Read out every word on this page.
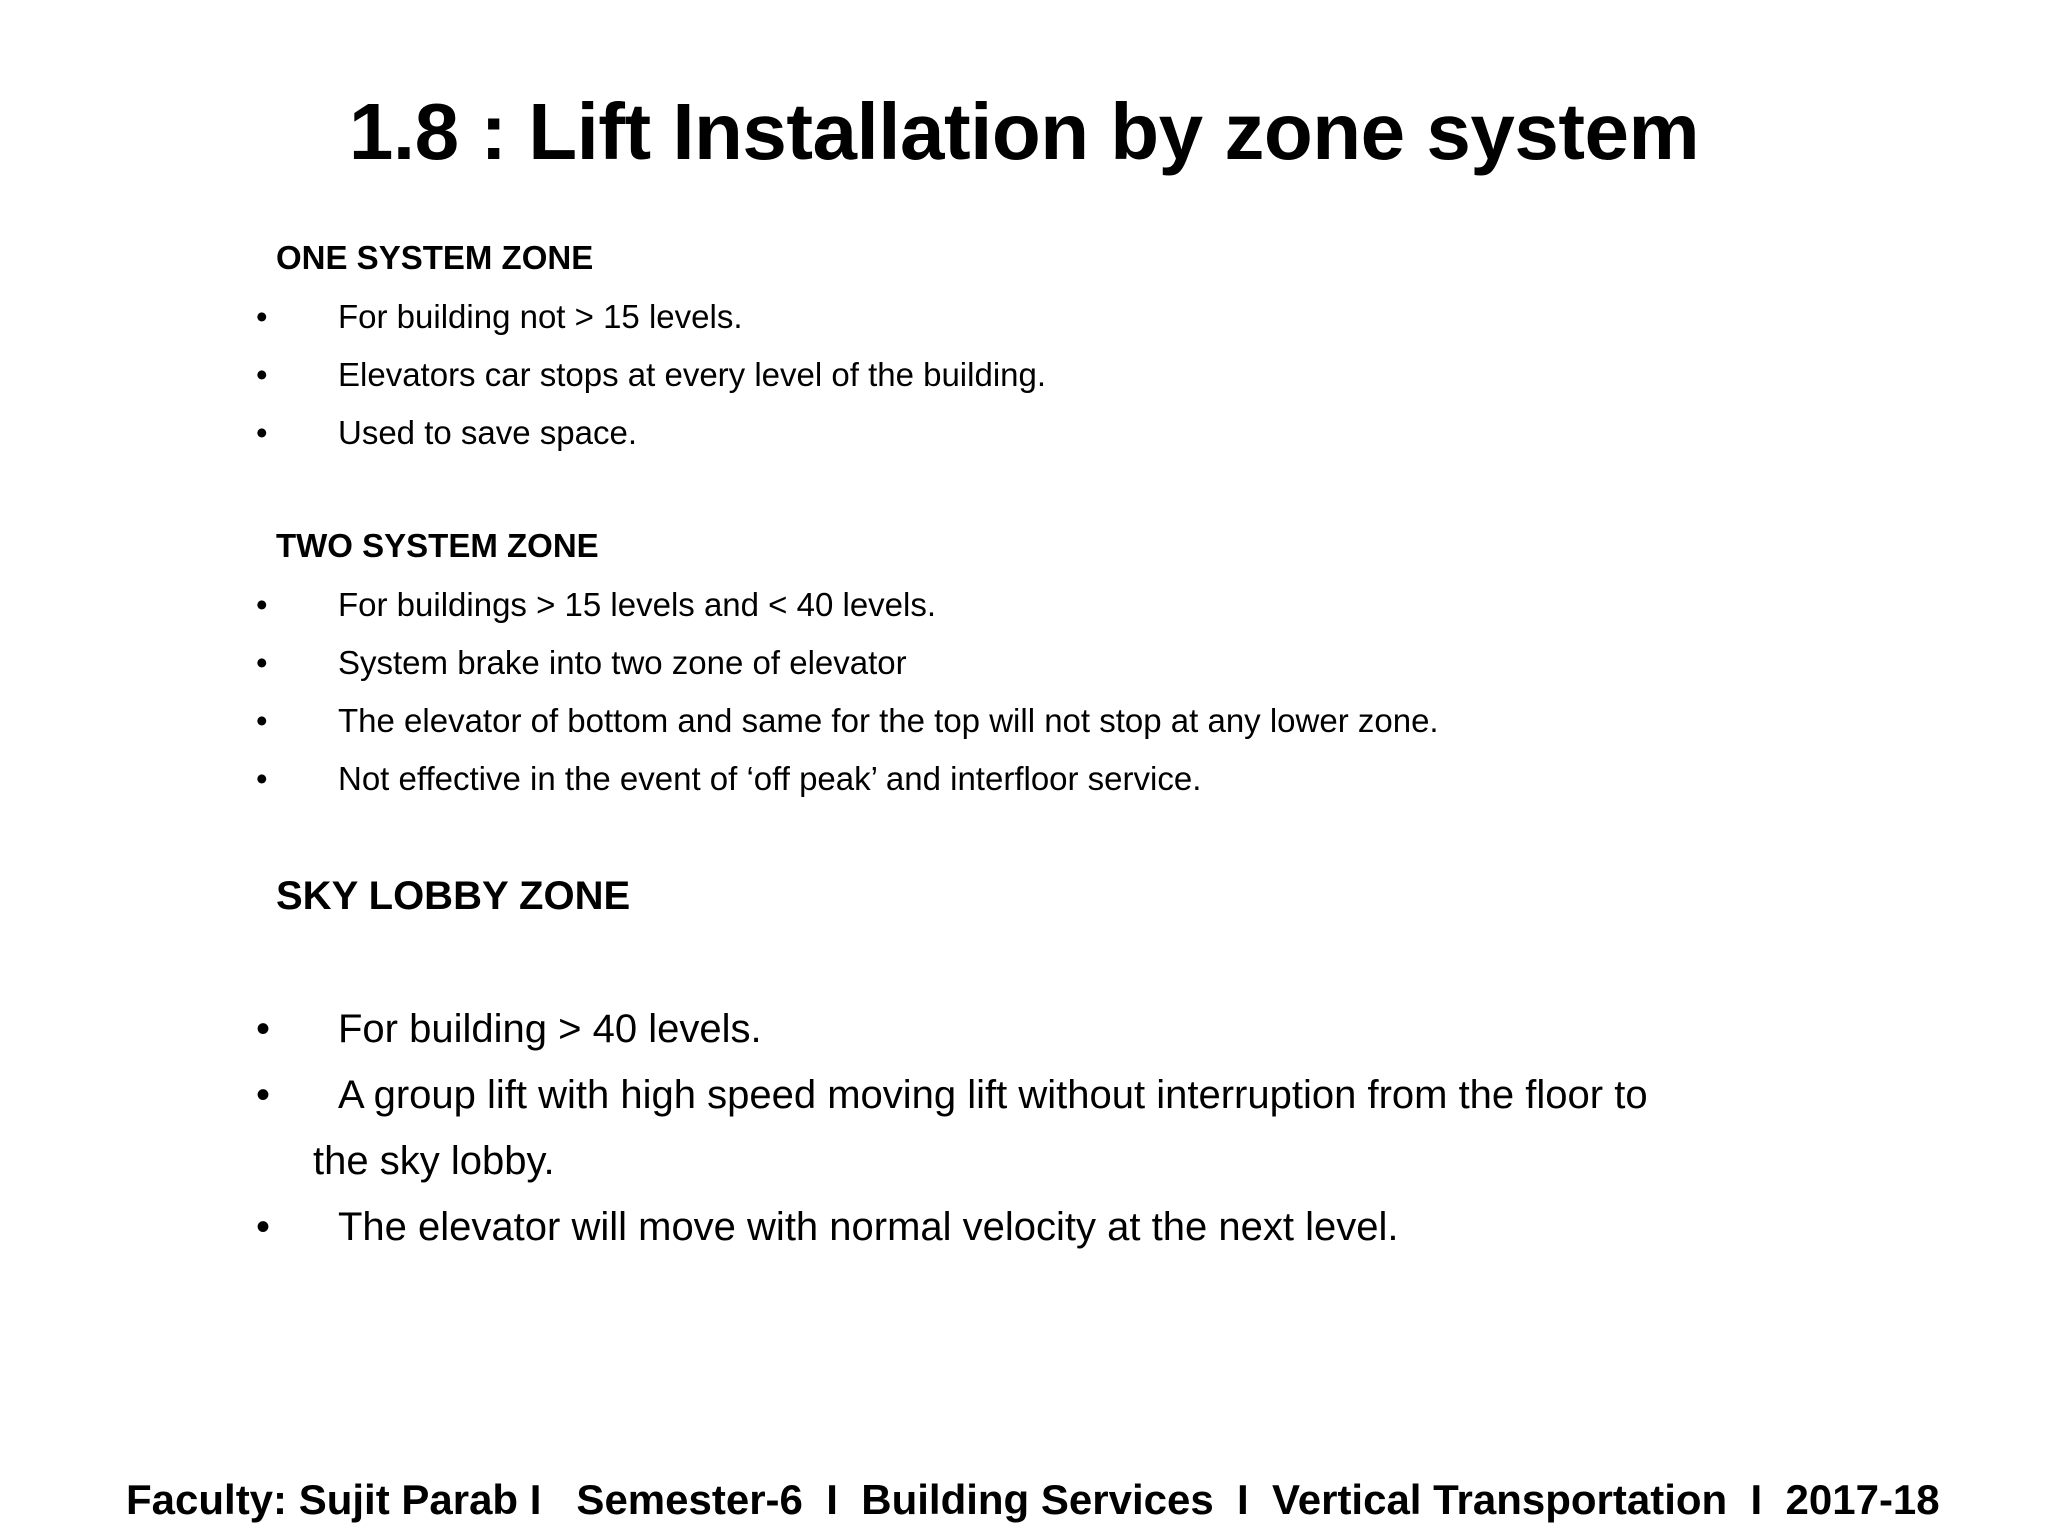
1.8 : Lift Installation by zone system
ONE SYSTEM ZONE
•	For building not > 15 levels.
•	Elevators car stops at every level of the building.
•	Used to save space.
TWO SYSTEM ZONE
•	For buildings > 15 levels and < 40 levels.
•	System brake into two zone of elevator
•	The elevator of bottom and same for the top will not stop at any lower zone.
•	Not effective in the event of ‘off peak’ and interfloor service.
SKY LOBBY ZONE
•	For building > 40 levels.
•	A group lift with high speed moving lift without interruption from the floor to
the sky lobby.
•	The elevator will move with normal velocity at the next level.
Faculty: Sujit Parab I   Semester-6  I  Building Services  I  Vertical Transportation  I  2017-18
